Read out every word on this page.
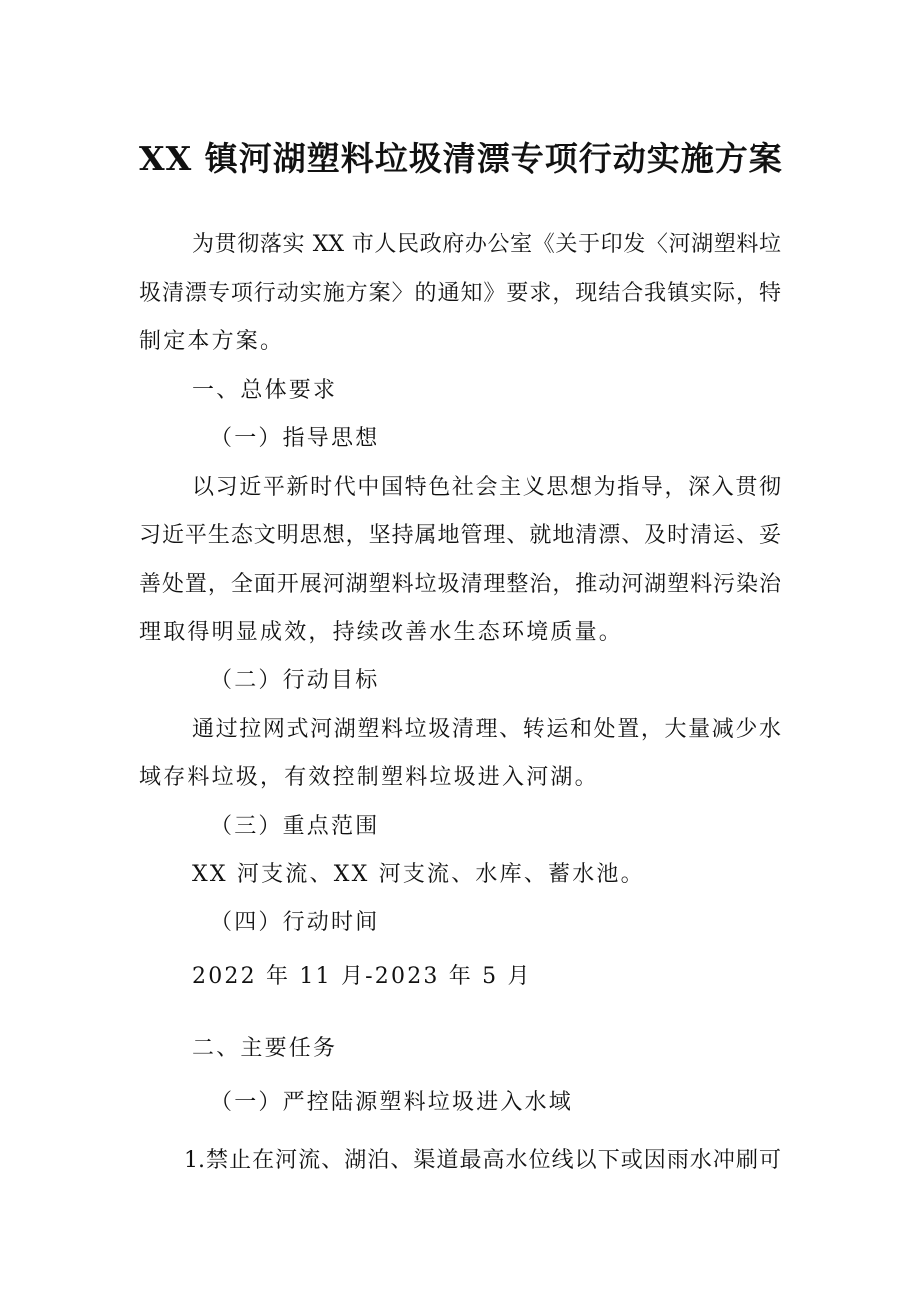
XX 镇河湖塑料垃圾清漂专项行动实施方案
为贯彻落实 XX 市人民政府办公室《关于印发〈河湖塑料垃
圾清漂专项行动实施方案〉的通知》要求，现结合我镇实际，特
制定本方案。
一、总体要求
（一）指导思想
以习近平新时代中国特色社会主义思想为指导，深入贯彻
习近平生态文明思想，坚持属地管理、就地清漂、及时清运、妥
善处置，全面开展河湖塑料垃圾清理整治，推动河湖塑料污染治
理取得明显成效，持续改善水生态环境质量。
（二）行动目标
通过拉网式河湖塑料垃圾清理、转运和处置，大量减少水
域存料垃圾，有效控制塑料垃圾进入河湖。
（三）重点范围
XX 河支流、XX 河支流、水库、蓄水池。
（四）行动时间
2022 年 11 月-2023 年 5 月
二、主要任务
（一）严控陆源塑料垃圾进入水域
1.禁止在河流、湖泊、渠道最高水位线以下或因雨水冲刷可
